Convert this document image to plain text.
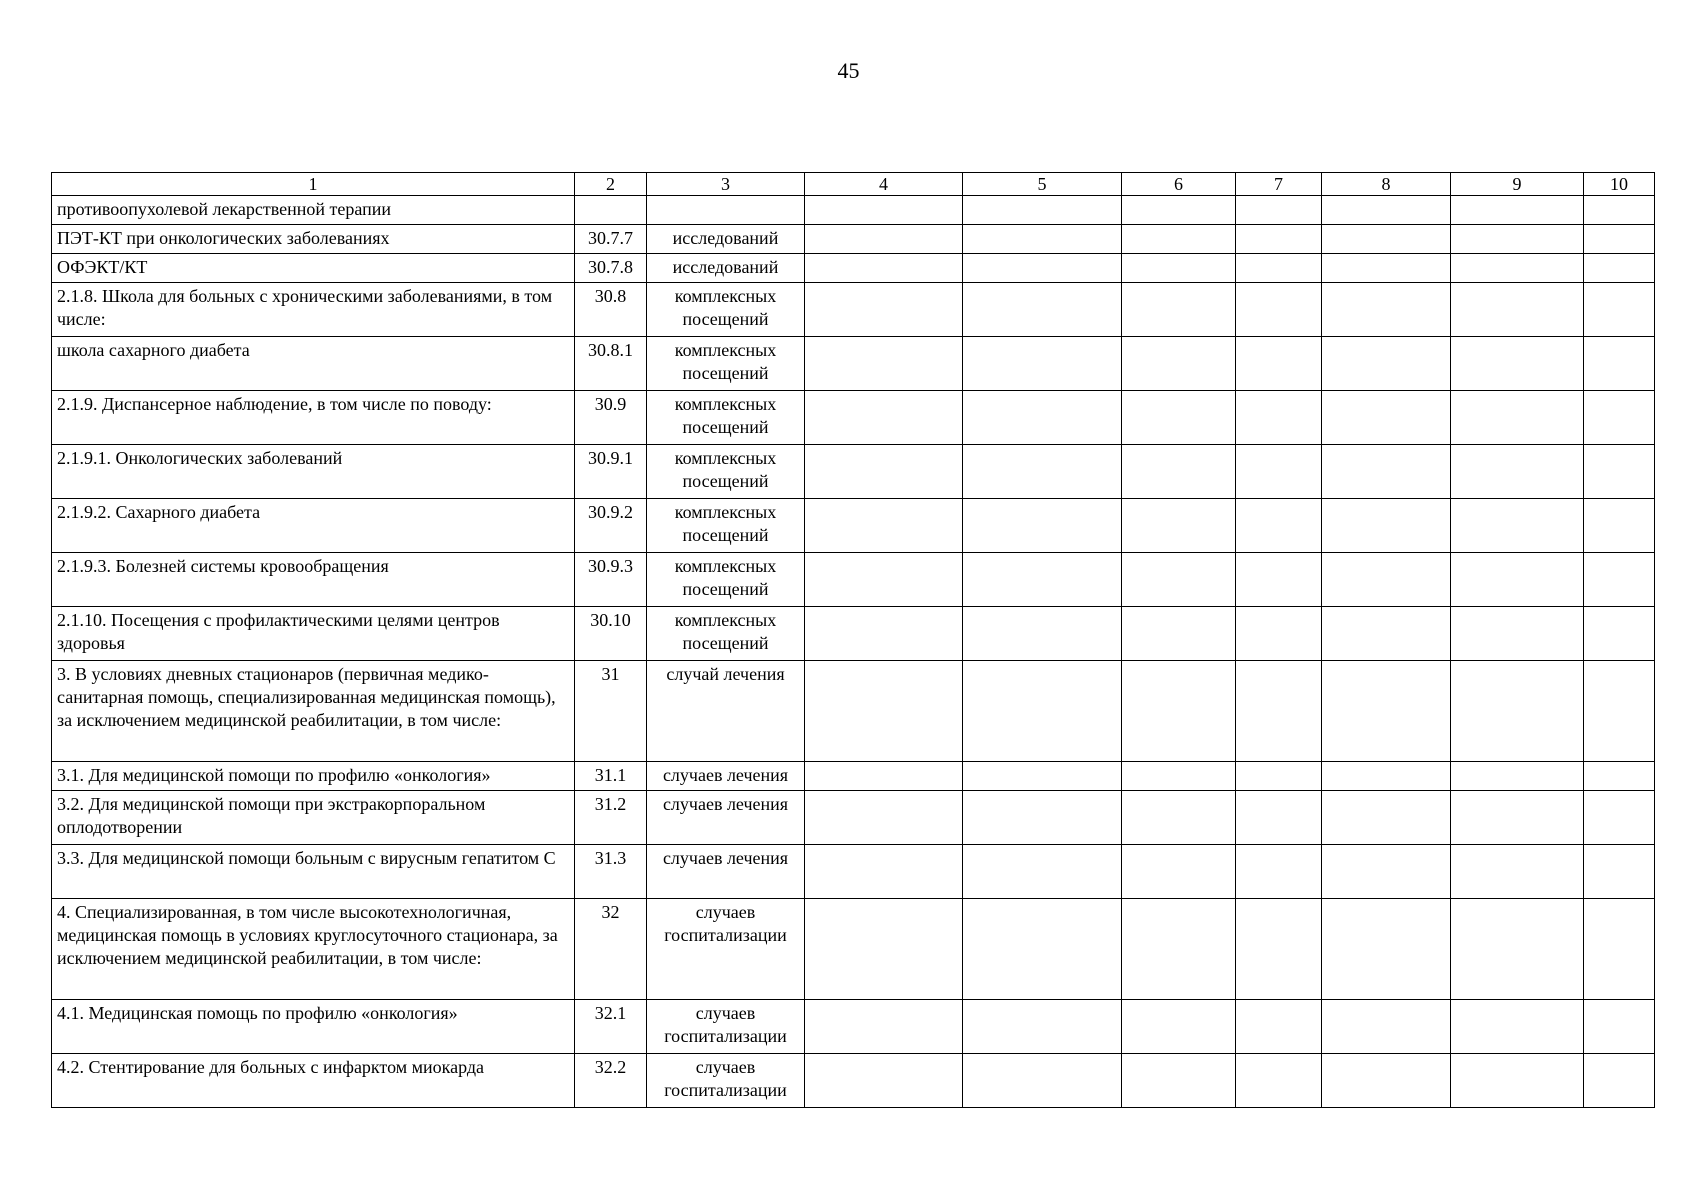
45
1	2	3	4	5	6	7	8	9	10
противоопухолевой лекарственной терапии									
ПЭТ-КТ при онкологических заболеваниях	30.7.7	исследований							
ОФЭКТ/КТ	30.7.8	исследований							
2.1.8. Школа для больных с хроническими заболеваниями, в том числе:	30.8	комплексных посещений							
школа сахарного диабета	30.8.1	комплексных посещений							
2.1.9. Диспансерное наблюдение, в том числе по поводу:	30.9	комплексных посещений							
2.1.9.1. Онкологических заболеваний	30.9.1	комплексных посещений							
2.1.9.2. Сахарного диабета	30.9.2	комплексных посещений							
2.1.9.3. Болезней системы кровообращения	30.9.3	комплексных посещений							
2.1.10. Посещения с профилактическими целями центров здоровья	30.10	комплексных посещений							
3. В условиях дневных стационаров (первичная медико-санитарная помощь, специализированная медицинская помощь), за исключением медицинской реабилитации, в том числе:	31	случай лечения							
3.1. Для медицинской помощи по профилю «онкология»	31.1	случаев лечения							
3.2. Для медицинской помощи при экстракорпоральном оплодотворении	31.2	случаев лечения							
3.3. Для медицинской помощи больным с вирусным гепатитом С	31.3	случаев лечения							
4. Специализированная, в том числе высокотехнологичная, медицинская помощь в условиях круглосуточного стационара, за исключением медицинской реабилитации, в том числе:	32	случаев госпитализации							
4.1. Медицинская помощь по профилю «онкология»	32.1	случаев госпитализации							
4.2. Стентирование для больных с инфарктом миокарда	32.2	случаев госпитализации							
